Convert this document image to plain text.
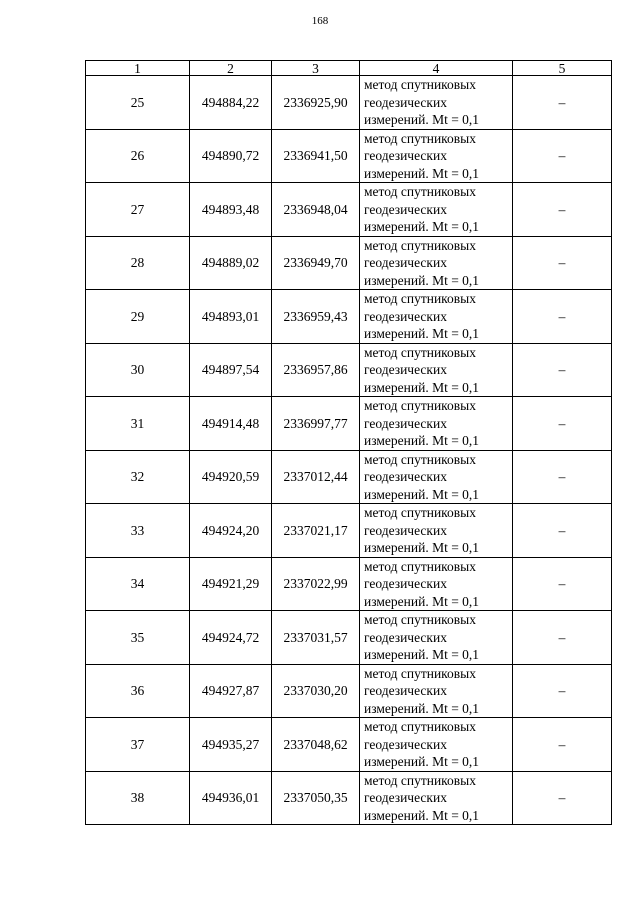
168
1	2	3	4	5
25	494884,22	2336925,90	метод спутниковых
геодезических
измерений. Mt = 0,1	–
26	494890,72	2336941,50	метод спутниковых
геодезических
измерений. Mt = 0,1	–
27	494893,48	2336948,04	метод спутниковых
геодезических
измерений. Mt = 0,1	–
28	494889,02	2336949,70	метод спутниковых
геодезических
измерений. Mt = 0,1	–
29	494893,01	2336959,43	метод спутниковых
геодезических
измерений. Mt = 0,1	–
30	494897,54	2336957,86	метод спутниковых
геодезических
измерений. Mt = 0,1	–
31	494914,48	2336997,77	метод спутниковых
геодезических
измерений. Mt = 0,1	–
32	494920,59	2337012,44	метод спутниковых
геодезических
измерений. Mt = 0,1	–
33	494924,20	2337021,17	метод спутниковых
геодезических
измерений. Mt = 0,1	–
34	494921,29	2337022,99	метод спутниковых
геодезических
измерений. Mt = 0,1	–
35	494924,72	2337031,57	метод спутниковых
геодезических
измерений. Mt = 0,1	–
36	494927,87	2337030,20	метод спутниковых
геодезических
измерений. Mt = 0,1	–
37	494935,27	2337048,62	метод спутниковых
геодезических
измерений. Mt = 0,1	–
38	494936,01	2337050,35	метод спутниковых
геодезических
измерений. Mt = 0,1	–
